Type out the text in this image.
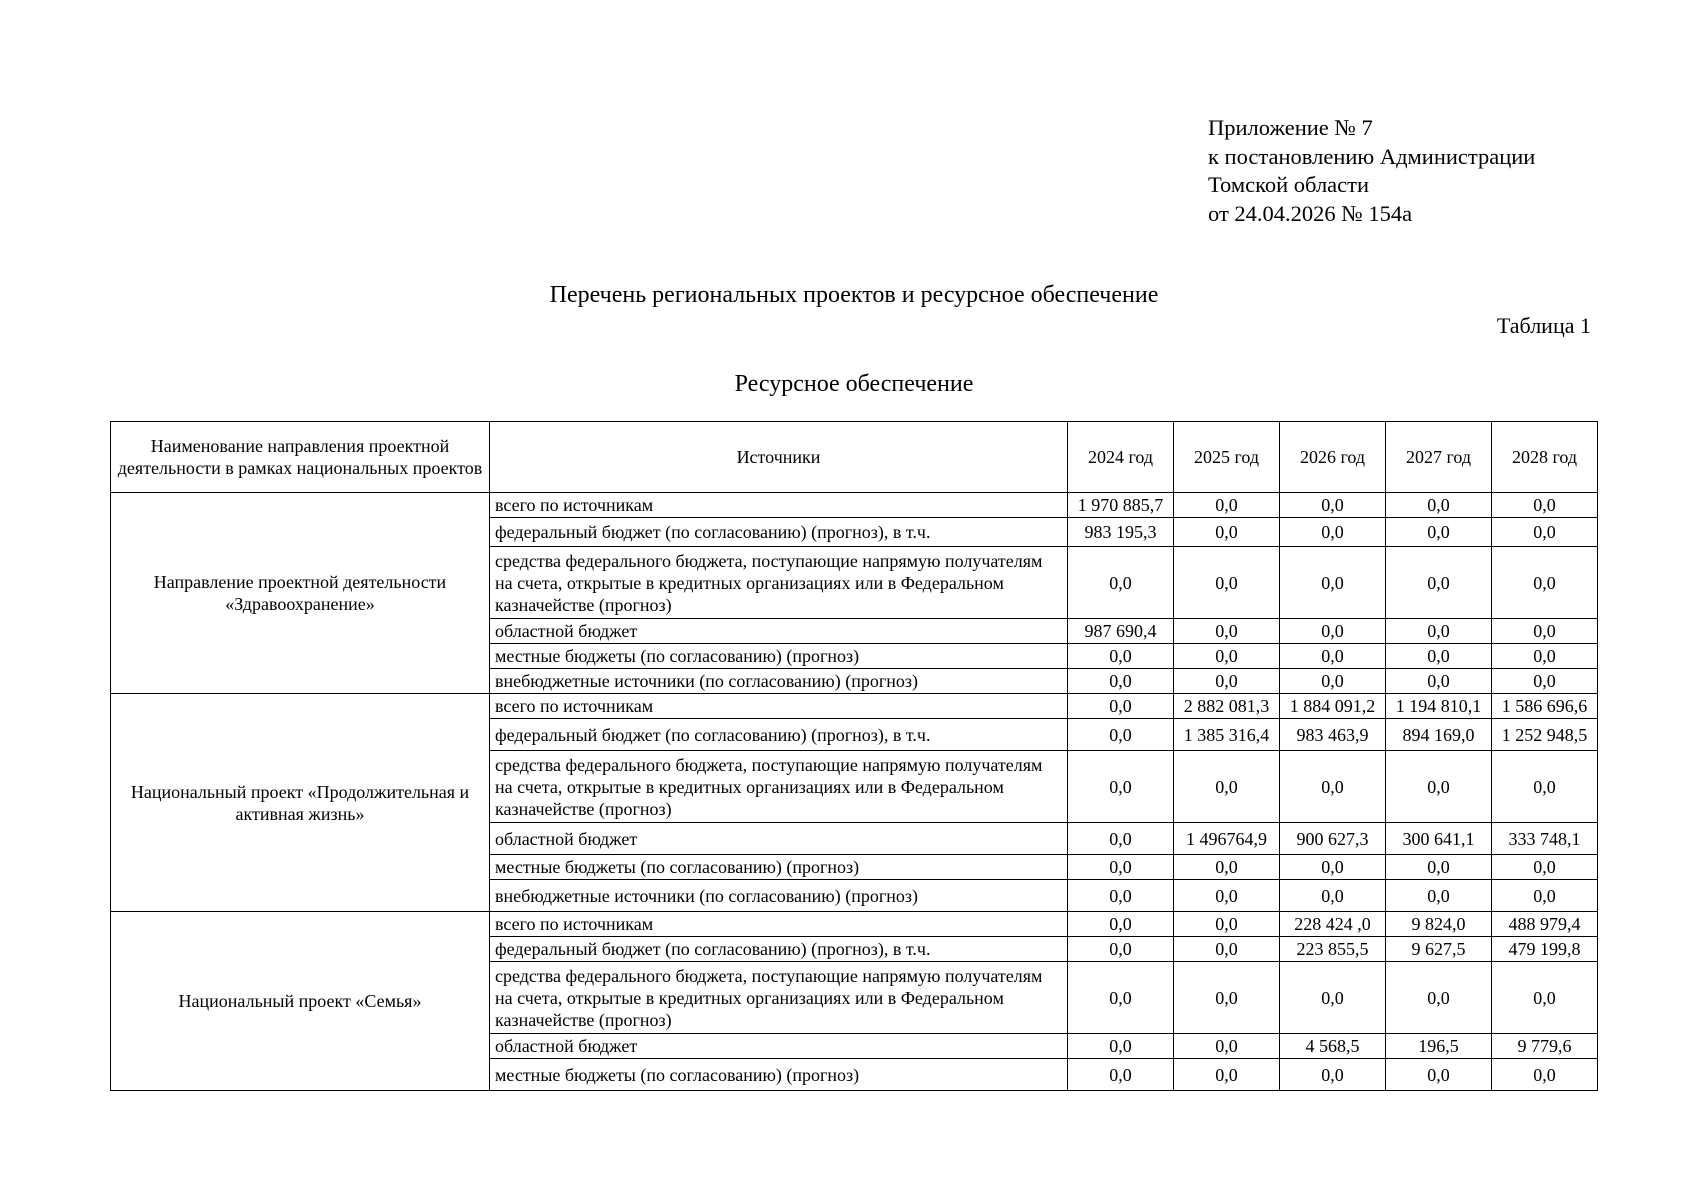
Приложение № 7
к постановлению Администрации
Томской области
от 24.04.2026 № 154а
Перечень региональных проектов и ресурсное обеспечение
Таблица 1
Ресурсное обеспечение
Наименование направления проектной деятельности в рамках национальных проектов	Источники	2024 год	2025 год	2026 год	2027 год	2028 год
Направление проектной деятельности «Здравоохранение»	всего по источникам	1 970 885,7	0,0	0,0	0,0	0,0
	федеральный бюджет (по согласованию) (прогноз), в т.ч.	983 195,3	0,0	0,0	0,0	0,0
	средства федерального бюджета, поступающие напрямую получателям на счета, открытые в кредитных организациях или в Федеральном казначействе (прогноз)	0,0	0,0	0,0	0,0	0,0
	областной бюджет	987 690,4	0,0	0,0	0,0	0,0
	местные бюджеты (по согласованию) (прогноз)	0,0	0,0	0,0	0,0	0,0
	внебюджетные источники (по согласованию) (прогноз)	0,0	0,0	0,0	0,0	0,0
Национальный проект «Продолжительная и активная жизнь»	всего по источникам	0,0	2 882 081,3	1 884 091,2	1 194 810,1	1 586 696,6
	федеральный бюджет (по согласованию) (прогноз), в т.ч.	0,0	1 385 316,4	983 463,9	894 169,0	1 252 948,5
	средства федерального бюджета, поступающие напрямую получателям на счета, открытые в кредитных организациях или в Федеральном казначействе (прогноз)	0,0	0,0	0,0	0,0	0,0
	областной бюджет	0,0	1 496764,9	900 627,3	300 641,1	333 748,1
	местные бюджеты (по согласованию) (прогноз)	0,0	0,0	0,0	0,0	0,0
	внебюджетные источники (по согласованию) (прогноз)	0,0	0,0	0,0	0,0	0,0
Национальный проект «Семья»	всего по источникам	0,0	0,0	228 424 ,0	9 824,0	488 979,4
	федеральный бюджет (по согласованию) (прогноз), в т.ч.	0,0	0,0	223 855,5	9 627,5	479 199,8
	средства федерального бюджета, поступающие напрямую получателям на счета, открытые в кредитных организациях или в Федеральном казначействе (прогноз)	0,0	0,0	0,0	0,0	0,0
	областной бюджет	0,0	0,0	4 568,5	196,5	9 779,6
	местные бюджеты (по согласованию) (прогноз)	0,0	0,0	0,0	0,0	0,0
